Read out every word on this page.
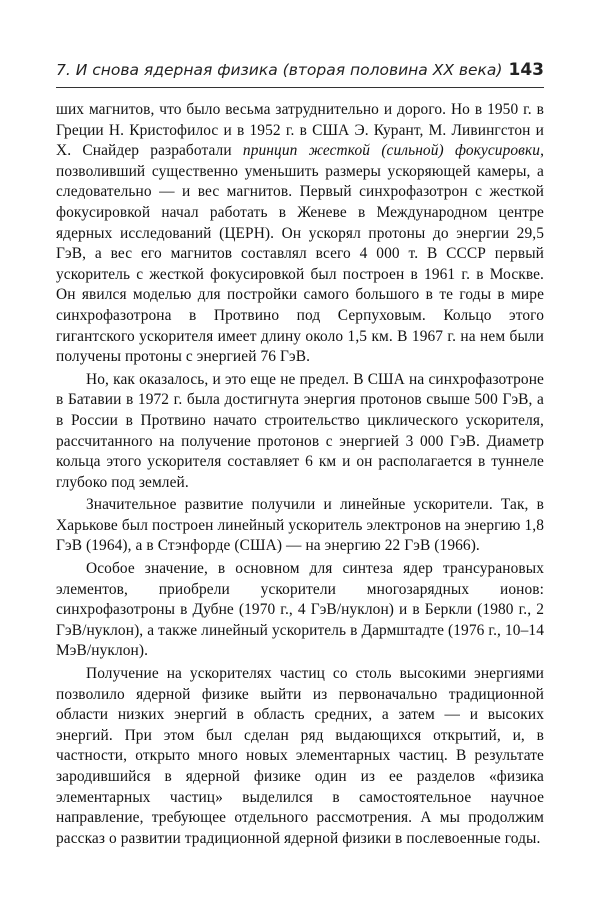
7. И снова ядерная физика (вторая половина ХХ века) 143

ших магнитов, что было весьма затруднительно и дорого. Но в 1950 г. в Греции Н. Кристофилос и в 1952 г. в США Э. Курант, М. Ливингстон и Х. Снайдер разработали принцип жесткой (сильной) фокусировки, позволивший существенно уменьшить размеры ускоряющей камеры, а следовательно — и вес магнитов. Первый синхрофазотрон с жесткой фокусировкой начал работать в Женеве в Международном центре ядерных исследований (ЦЕРН). Он ускорял протоны до энергии 29,5 ГэВ, а вес его магнитов составлял всего 4 000 т. В СССР первый ускоритель с жесткой фокусировкой был построен в 1961 г. в Москве. Он явился моделью для постройки самого большого в те годы в мире синхрофазотрона в Протвино под Серпуховым. Кольцо этого гигантского ускорителя имеет длину около 1,5 км. В 1967 г. на нем были получены протоны с энергией 76 ГэВ.

Но, как оказалось, и это еще не предел. В США на синхрофазотроне в Батавии в 1972 г. была достигнута энергия протонов свыше 500 ГэВ, а в России в Протвино начато строительство циклического ускорителя, рассчитанного на получение протонов с энергией 3 000 ГэВ. Диаметр кольца этого ускорителя составляет 6 км и он располагается в туннеле глубоко под землей.

Значительное развитие получили и линейные ускорители. Так, в Харькове был построен линейный ускоритель электронов на энергию 1,8 ГэВ (1964), а в Стэнфорде (США) — на энергию 22 ГэВ (1966).

Особое значение, в основном для синтеза ядер трансурановых элементов, приобрели ускорители многозарядных ионов: синхрофазотроны в Дубне (1970 г., 4 ГэВ/нуклон) и в Беркли (1980 г., 2 ГэВ/нуклон), а также линейный ускоритель в Дармштадте (1976 г., 10–14 МэВ/нуклон).

Получение на ускорителях частиц со столь высокими энергиями позволило ядерной физике выйти из первоначально традиционной области низких энергий в область средних, а затем — и высоких энергий. При этом был сделан ряд выдающихся открытий, и, в частности, открыто много новых элементарных частиц. В результате зародившийся в ядерной физике один из ее разделов «физика элементарных частиц» выделился в самостоятельное научное направление, требующее отдельного рассмотрения. А мы продолжим рассказ о развитии традиционной ядерной физики в послевоенные годы.
